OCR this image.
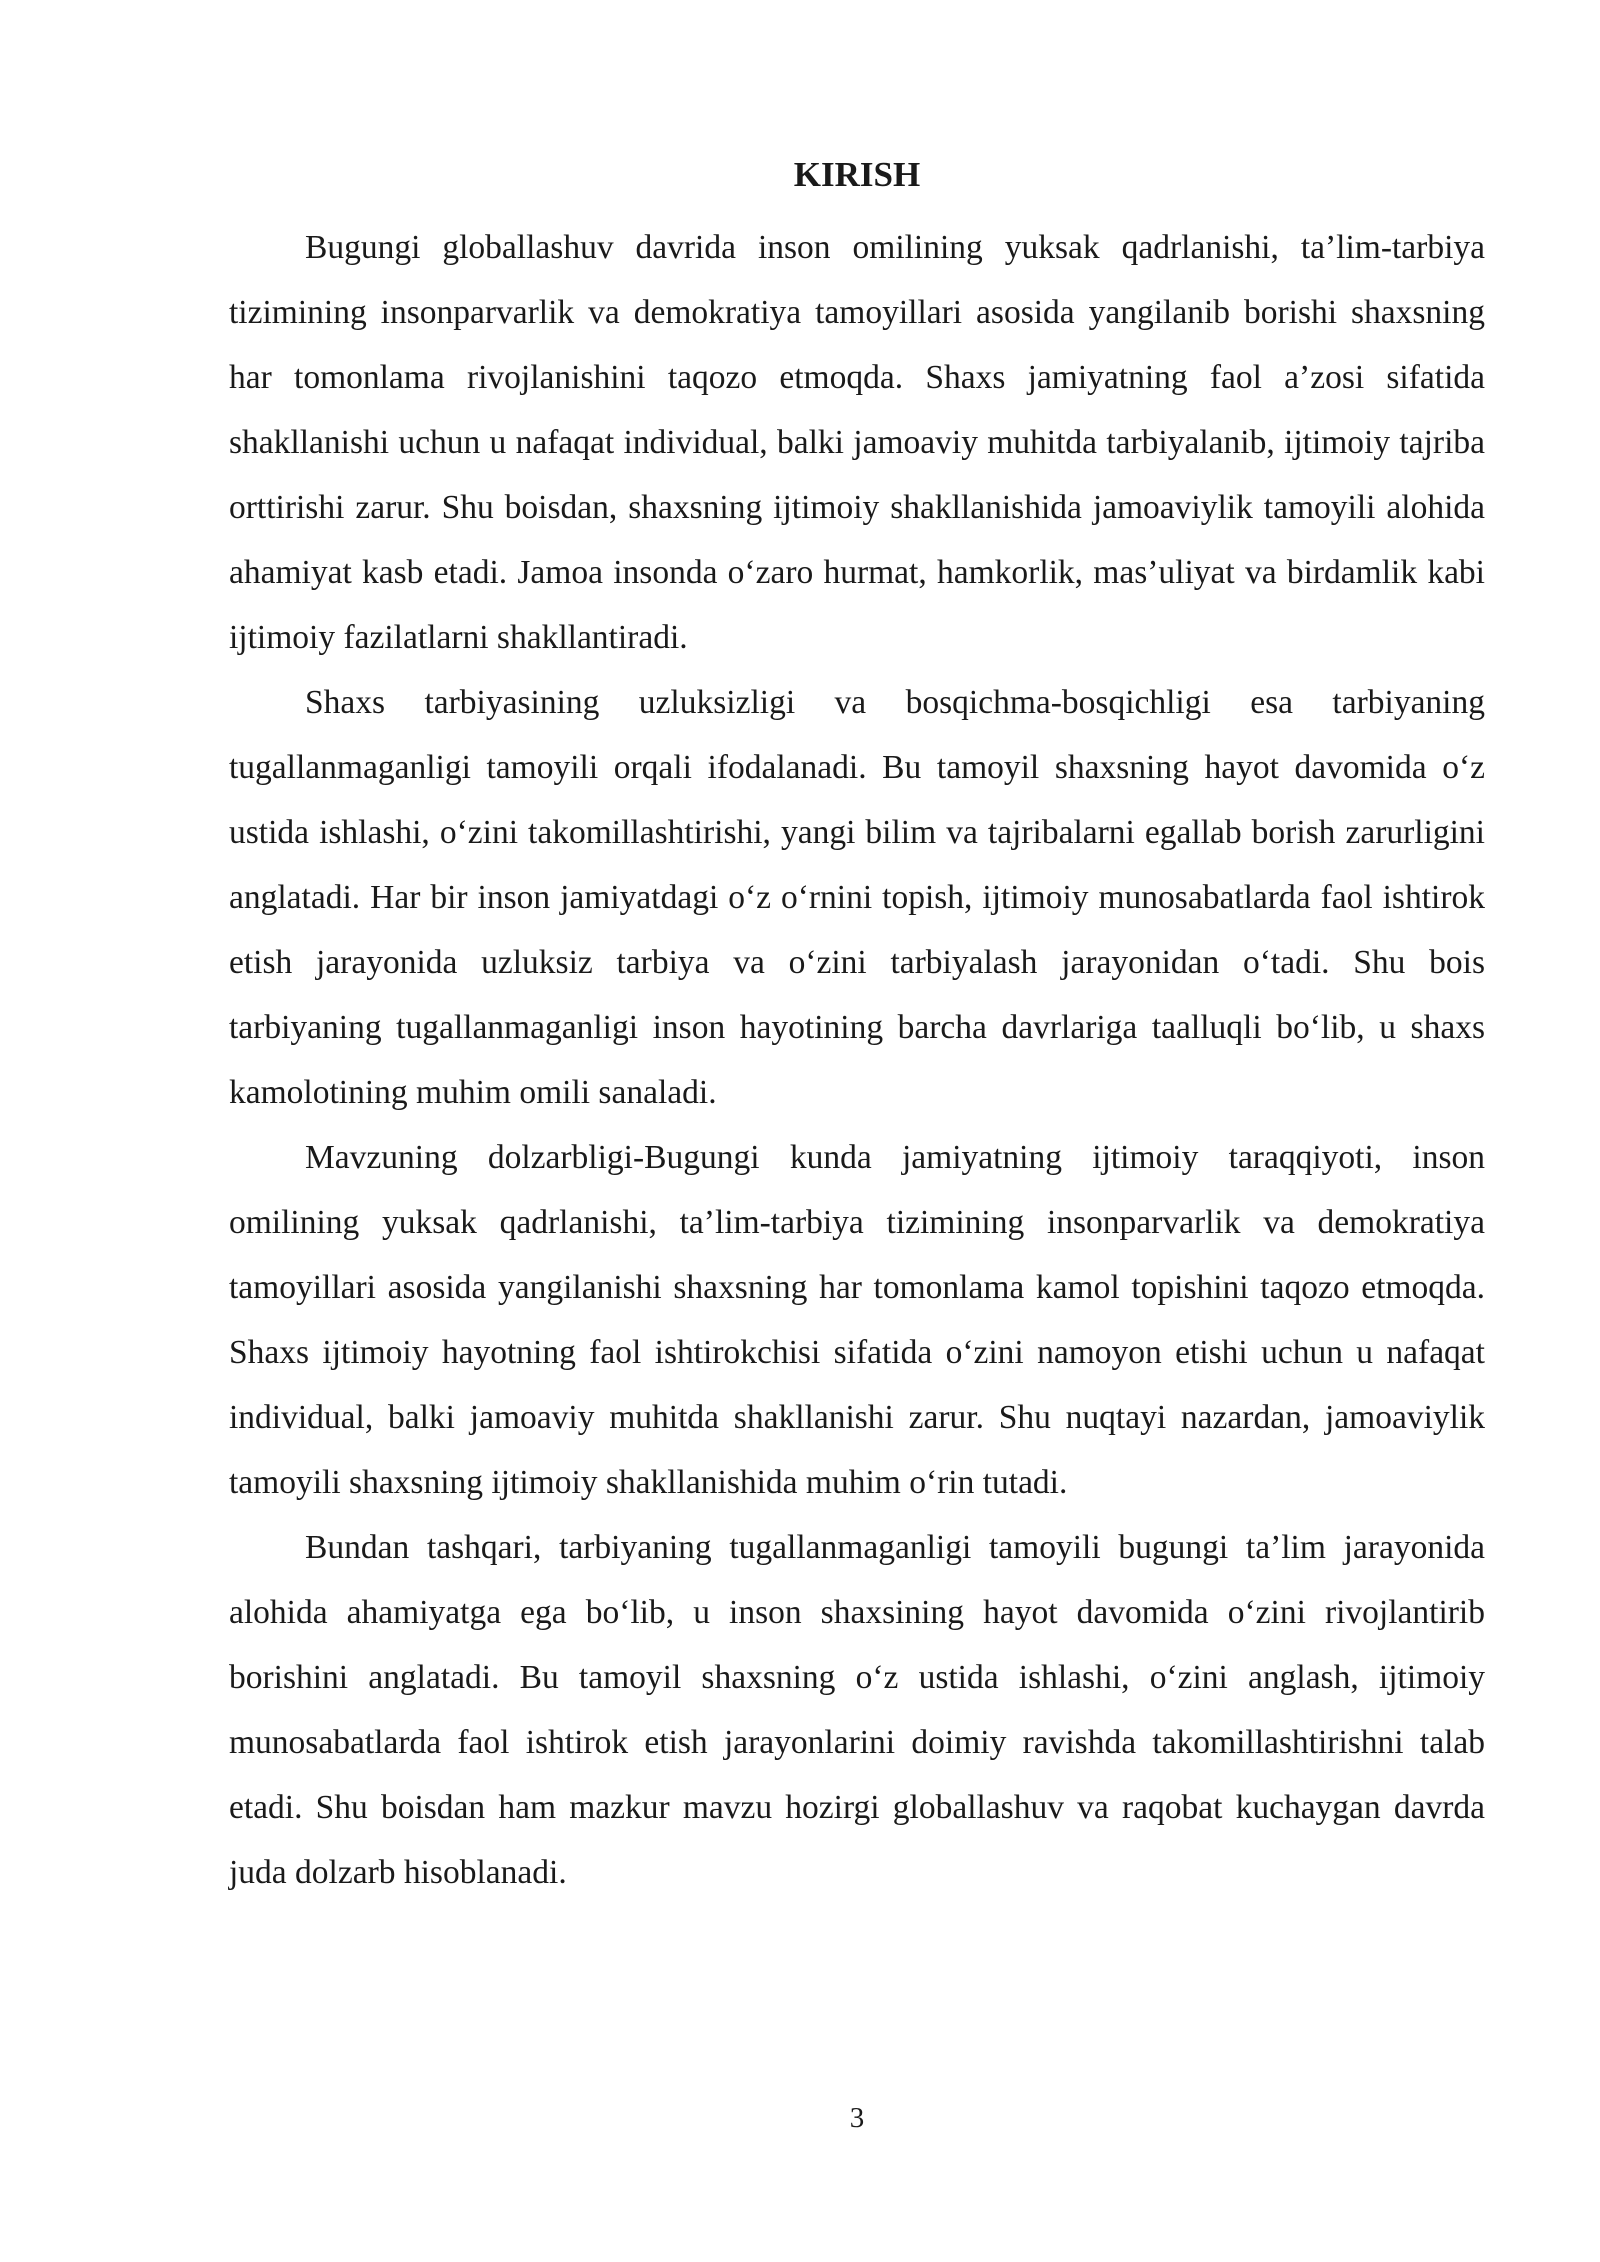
KIRISH

Bugungi globallashuv davrida inson omilining yuksak qadrlanishi, ta’lim-tarbiya tizimining insonparvarlik va demokratiya tamoyillari asosida yangilanib borishi shaxsning har tomonlama rivojlanishini taqozo etmoqda. Shaxs jamiyatning faol a’zosi sifatida shakllanishi uchun u nafaqat individual, balki jamoaviy muhitda tarbiyalanib, ijtimoiy tajriba orttirishi zarur. Shu boisdan, shaxsning ijtimoiy shakllanishida jamoaviylik tamoyili alohida ahamiyat kasb etadi. Jamoa insonda o‘zaro hurmat, hamkorlik, mas’uliyat va birdamlik kabi ijtimoiy fazilatlarni shakllantiradi.

Shaxs tarbiyasining uzluksizligi va bosqichma-bosqichligi esa tarbiyaning tugallanmaganligi tamoyili orqali ifodalanadi. Bu tamoyil shaxsning hayot davomida o‘z ustida ishlashi, o‘zini takomillashtirishi, yangi bilim va tajribalarni egallab borish zarurligini anglatadi. Har bir inson jamiyatdagi o‘z o‘rnini topish, ijtimoiy munosabatlarda faol ishtirok etish jarayonida uzluksiz tarbiya va o‘zini tarbiyalash jarayonidan o‘tadi. Shu bois tarbiyaning tugallanmaganligi inson hayotining barcha davrlariga taalluqli bo‘lib, u shaxs kamolotining muhim omili sanaladi.

Mavzuning dolzarbligi-Bugungi kunda jamiyatning ijtimoiy taraqqiyoti, inson omilining yuksak qadrlanishi, ta’lim-tarbiya tizimining insonparvarlik va demokratiya tamoyillari asosida yangilanishi shaxsning har tomonlama kamol topishini taqozo etmoqda. Shaxs ijtimoiy hayotning faol ishtirokchisi sifatida o‘zini namoyon etishi uchun u nafaqat individual, balki jamoaviy muhitda shakllanishi zarur. Shu nuqtayi nazardan, jamoaviylik tamoyili shaxsning ijtimoiy shakllanishida muhim o‘rin tutadi.

Bundan tashqari, tarbiyaning tugallanmaganligi tamoyili bugungi ta’lim jarayonida alohida ahamiyatga ega bo‘lib, u inson shaxsining hayot davomida o‘zini rivojlantirib borishini anglatadi. Bu tamoyil shaxsning o‘z ustida ishlashi, o‘zini anglash, ijtimoiy munosabatlarda faol ishtirok etish jarayonlarini doimiy ravishda takomillashtirishni talab etadi. Shu boisdan ham mazkur mavzu hozirgi globallashuv va raqobat kuchaygan davrda juda dolzarb hisoblanadi.

3
